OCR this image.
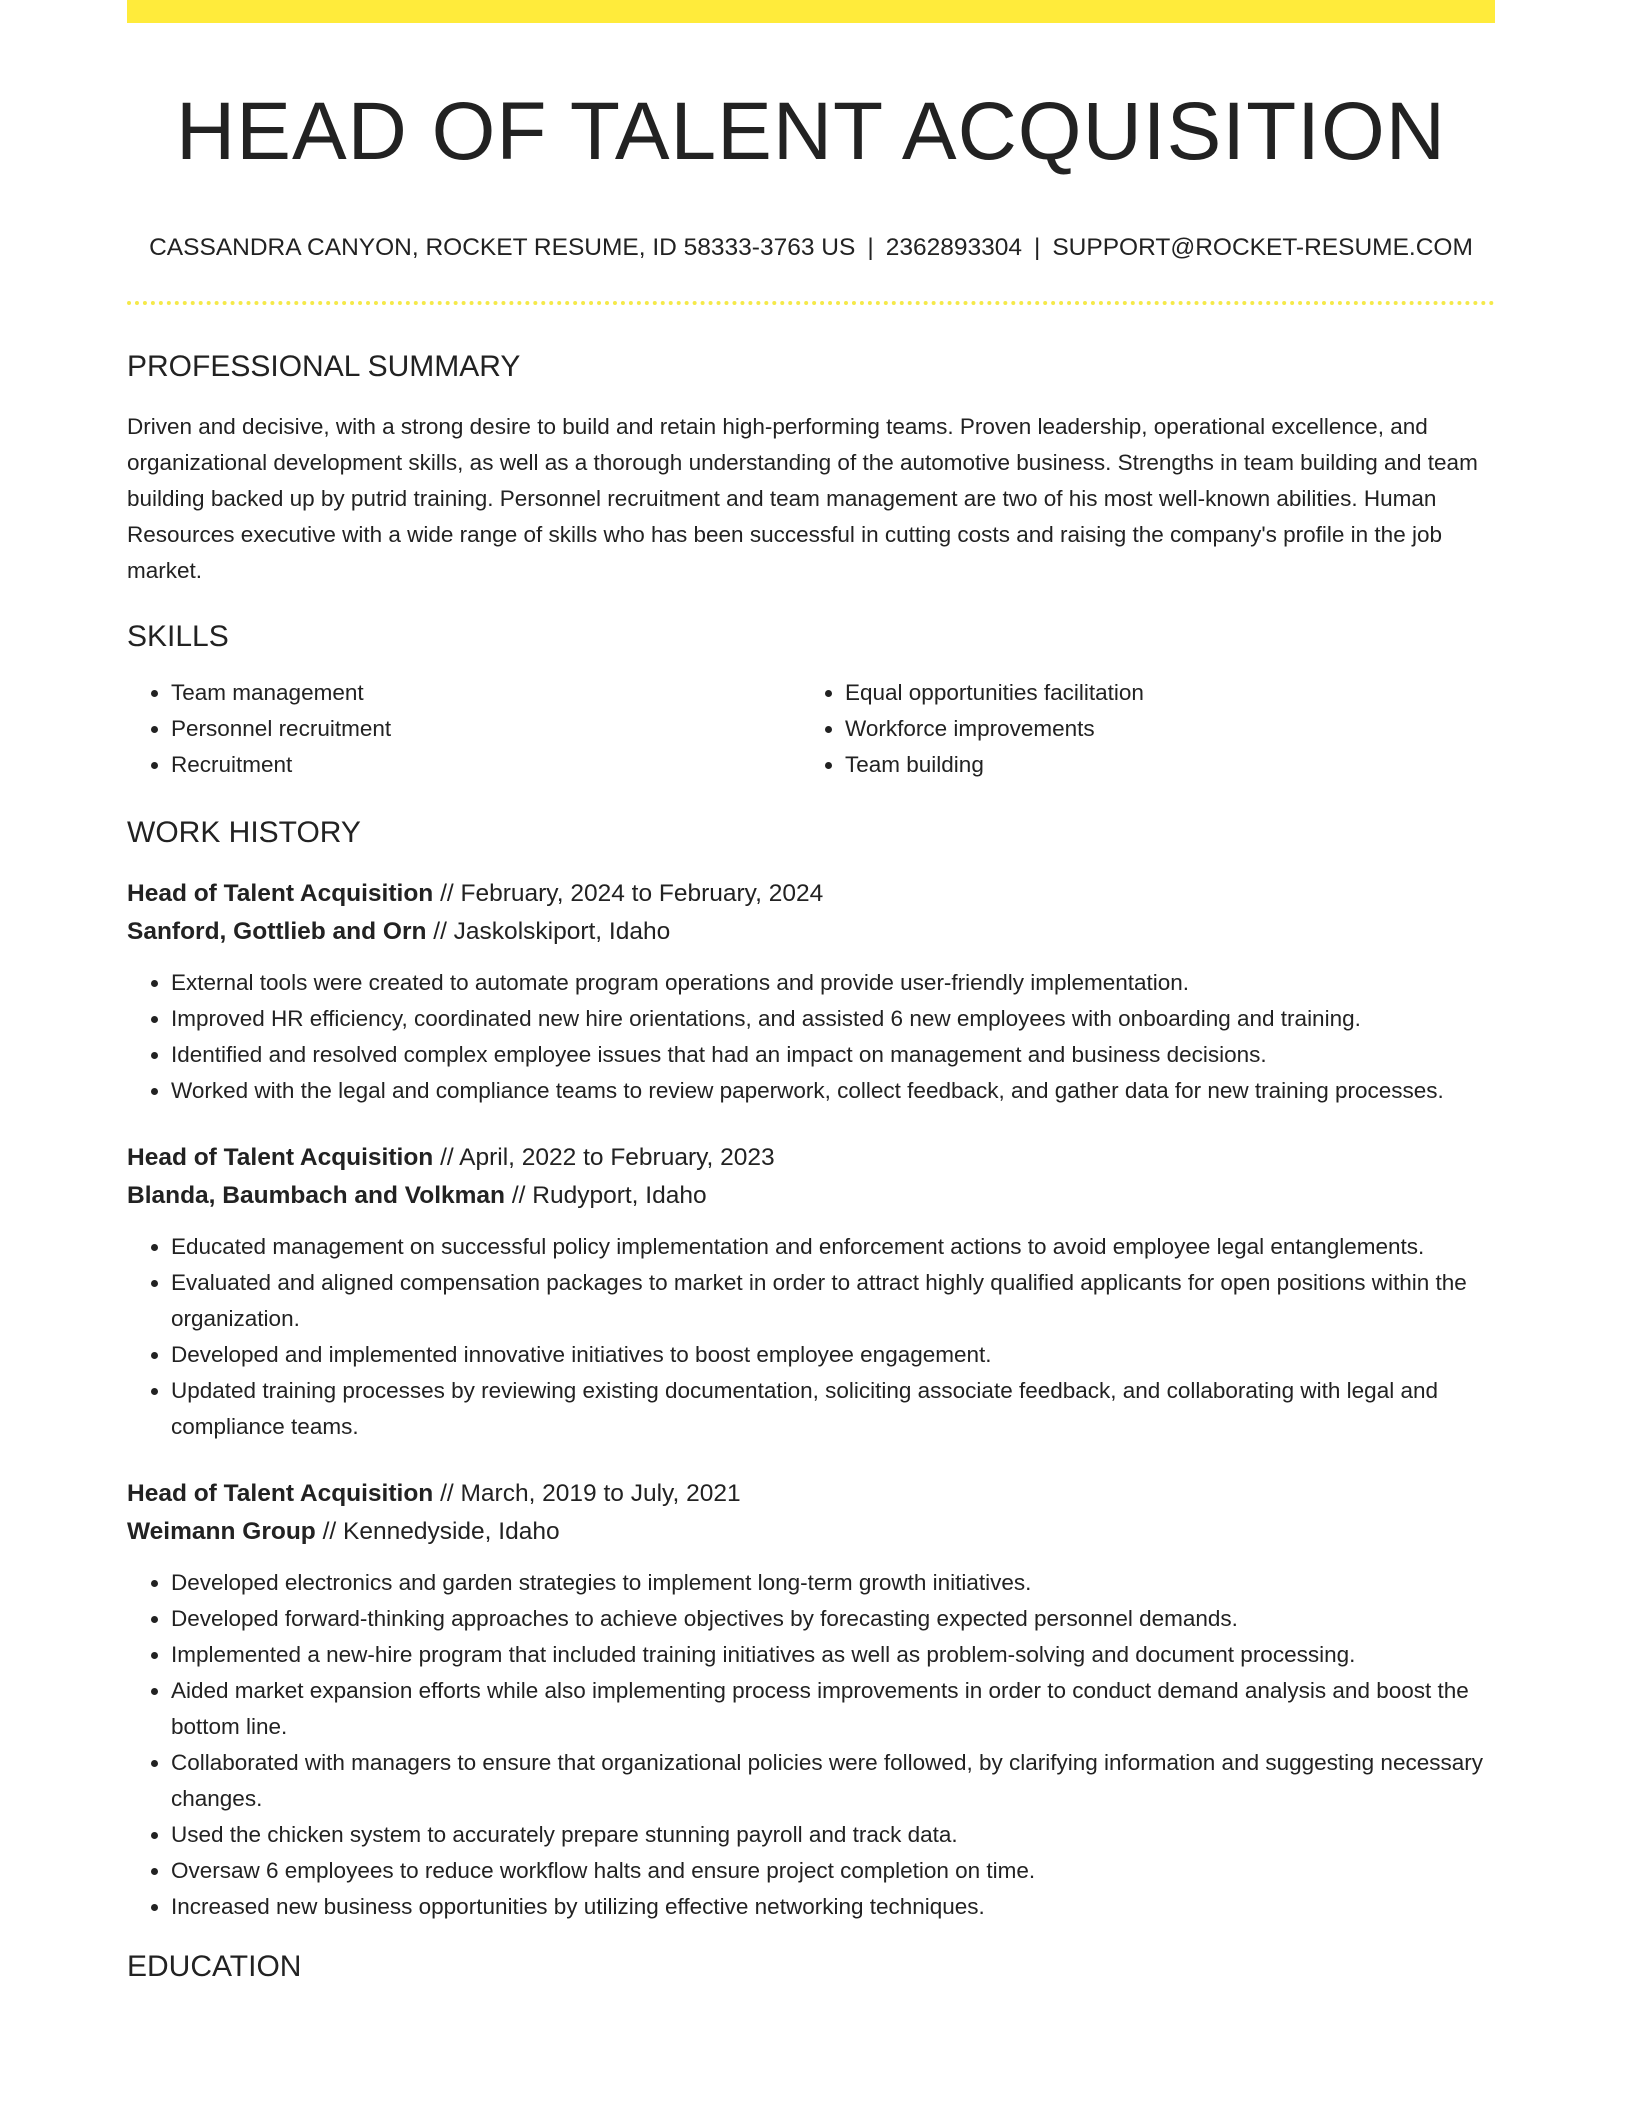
HEAD OF TALENT ACQUISITION
CASSANDRA CANYON, ROCKET RESUME, ID 58333-3763 US | 2362893304 | SUPPORT@ROCKET-RESUME.COM
PROFESSIONAL SUMMARY

Driven and decisive, with a strong desire to build and retain high-performing teams. Proven leadership, operational excellence, and organizational development skills, as well as a thorough understanding of the automotive business. Strengths in team building and team building backed up by putrid training. Personnel recruitment and team management are two of his most well-known abilities. Human Resources executive with a wide range of skills who has been successful in cutting costs and raising the company's profile in the job market.

SKILLS
• Team management
• Personnel recruitment
• Recruitment
• Equal opportunities facilitation
• Workforce improvements
• Team building
WORK HISTORY
Head of Talent Acquisition // February, 2024 to February, 2024
Sanford, Gottlieb and Orn // Jaskolskiport, Idaho
• External tools were created to automate program operations and provide user-friendly implementation.
• Improved HR efficiency, coordinated new hire orientations, and assisted 6 new employees with onboarding and training.
• Identified and resolved complex employee issues that had an impact on management and business decisions.
• Worked with the legal and compliance teams to review paperwork, collect feedback, and gather data for new training processes.
Head of Talent Acquisition // April, 2022 to February, 2023
Blanda, Baumbach and Volkman // Rudyport, Idaho
• Educated management on successful policy implementation and enforcement actions to avoid employee legal entanglements.
• Evaluated and aligned compensation packages to market in order to attract highly qualified applicants for open positions within the organization.
• Developed and implemented innovative initiatives to boost employee engagement.
• Updated training processes by reviewing existing documentation, soliciting associate feedback, and collaborating with legal and compliance teams.
Head of Talent Acquisition // March, 2019 to July, 2021
Weimann Group // Kennedyside, Idaho
• Developed electronics and garden strategies to implement long-term growth initiatives.
• Developed forward-thinking approaches to achieve objectives by forecasting expected personnel demands.
• Implemented a new-hire program that included training initiatives as well as problem-solving and document processing.
• Aided market expansion efforts while also implementing process improvements in order to conduct demand analysis and boost the bottom line.
• Collaborated with managers to ensure that organizational policies were followed, by clarifying information and suggesting necessary changes.
• Used the chicken system to accurately prepare stunning payroll and track data.
• Oversaw 6 employees to reduce workflow halts and ensure project completion on time.
• Increased new business opportunities by utilizing effective networking techniques.
EDUCATION
